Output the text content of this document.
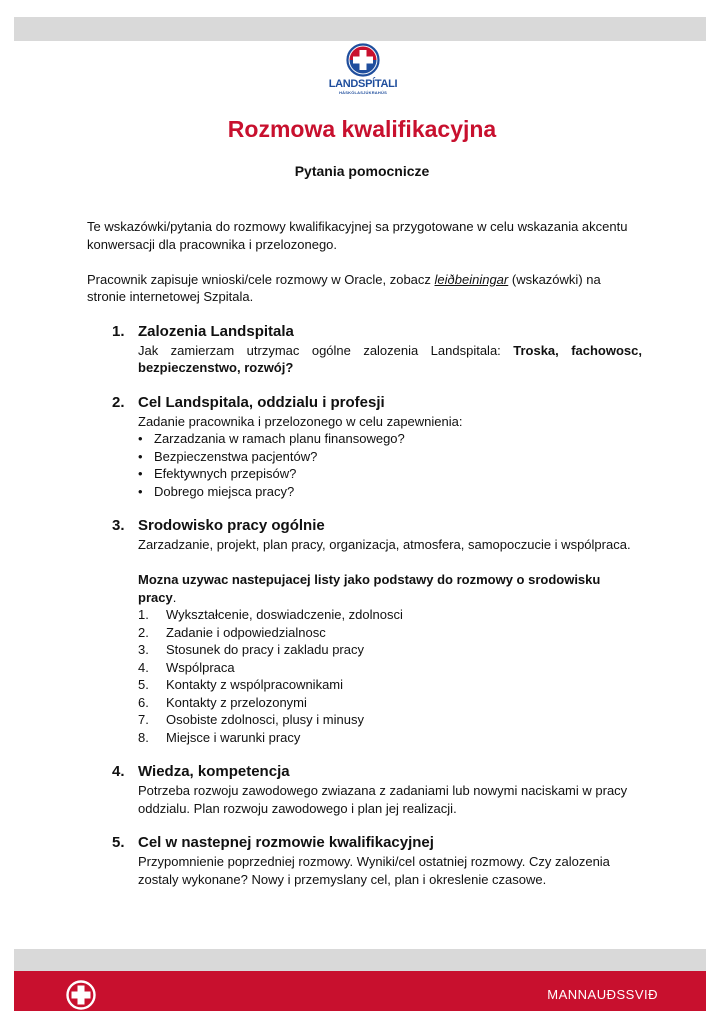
LANDSPÍTALI
HÁSKÓLASJÚKRAHÚS
Rozmowa kwalifikacyjna
Pytania pomocnicze

Te wskazówki/pytania do rozmowy kwalifikacyjnej sa przygotowane w celu wskazania akcentu konwersacji dla pracownika i przelozonego.

Pracownik zapisuje wnioski/cele rozmowy w Oracle, zobacz leiðbeiningar (wskazówki) na stronie internetowej Szpitala.

1. Zalozenia Landspitala
Jak zamierzam utrzymac ogólne zalozenia Landspitala: Troska, fachowosc, bezpieczenstwo, rozwój?
2. Cel Landspitala, oddzialu i profesji
Zadanie pracownika i przelozonego w celu zapewnienia:
• Zarzadzania w ramach planu finansowego?
• Bezpieczenstwa pacjentów?
• Efektywnych przepisów?
• Dobrego miejsca pracy?
3. Srodowisko pracy ogólnie
Zarzadzanie, projekt, plan pracy, organizacja, atmosfera, samopoczucie i wspólpraca.
Mozna uzywac nastepujacej listy jako podstawy do rozmowy o srodowisku pracy.
1.	Wykształcenie, doswiadczenie, zdolnosci
2.	Zadanie i odpowiedzialnosc
3.	Stosunek do pracy i zakladu pracy
4.	Wspólpraca
5.	Kontakty z wspólpracownikami
6.	Kontakty z przelozonymi
7.	Osobiste zdolnosci, plusy i minusy
8.	Miejsce i warunki pracy
4. Wiedza, kompetencja
Potrzeba rozwoju zawodowego zwiazana z zadaniami lub nowymi naciskami w pracy oddzialu. Plan rozwoju zawodowego i plan jej realizacji.
5. Cel w nastepnej rozmowie kwalifikacyjnej
Przypomnienie poprzedniej rozmowy. Wyniki/cel ostatniej rozmowy. Czy zalozenia zostaly wykonane? Nowy i przemyslany cel, plan i okreslenie czasowe.
MANNAUÐSSVIÐ
